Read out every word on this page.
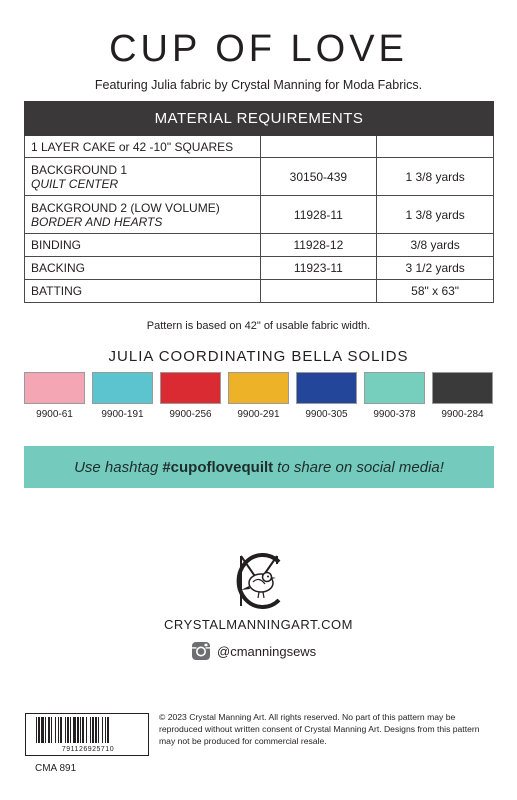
CUP OF LOVE
Featuring Julia fabric by Crystal Manning for Moda Fabrics.
MATERIAL REQUIREMENTS		
1 LAYER CAKE or 42 -10" SQUARES		
BACKGROUND 1
QUILT CENTER	30150-439	1 3/8 yards
BACKGROUND 2 (LOW VOLUME)
BORDER AND HEARTS	11928-11	1 3/8 yards
BINDING	11928-12	3/8 yards
BACKING	11923-11	3 1/2 yards
BATTING		58" x 63"
Pattern is based on 42" of usable fabric width.
JULIA COORDINATING BELLA SOLIDS
9900-61	9900-191	9900-256	9900-291	9900-305	9900-378	9900-284
Use hashtag #cupoflovequilt to share on social media!
CRYSTALMANNINGART.COM
@cmanningsews
791126925710
© 2023 Crystal Manning Art. All rights reserved. No part of this pattern may be reproduced without written consent of Crystal Manning Art. Designs from this pattern may not be produced for commercial resale.
CMA 891
